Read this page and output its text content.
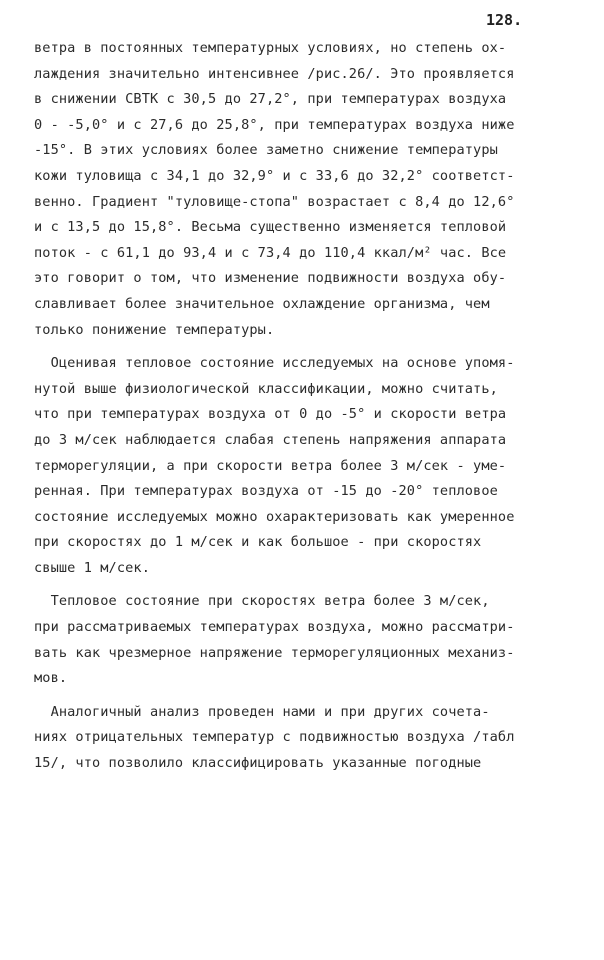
128.
ветра в постоянных температурных условиях, но степень ох-
лаждения значительно интенсивнее /рис.26/. Это проявляется
в снижении СВТК с 30,5 до 27,2°, при температурах воздуха
0 - -5,0° и с 27,6 до 25,8°, при температурах воздуха ниже
-15°. В этих условиях более заметно снижение температуры
кожи туловища с 34,1 до 32,9° и с 33,6 до 32,2° соответст-
венно. Градиент "туловище-стопа" возрастает с 8,4 до 12,6°
и с 13,5 до 15,8°. Весьма существенно изменяется тепловой
поток - с 61,1 до 93,4 и с 73,4 до 110,4 ккал/м² час. Все
это говорит о том, что изменение подвижности воздуха обу-
славливает более значительное охлаждение организма, чем
только понижение температуры.
Оценивая тепловое состояние исследуемых на основе упомя-
нутой выше физиологической классификации, можно считать,
что при температурах воздуха от 0 до -5° и скорости ветра
до 3 м/сек наблюдается слабая степень напряжения аппарата
терморегуляции, а при скорости ветра более 3 м/сек - уме-
ренная. При температурах воздуха от -15 до -20° тепловое
состояние исследуемых можно охарактеризовать как умеренное
при скоростях до 1 м/сек и как большое - при скоростях
свыше 1 м/сек.
Тепловое состояние при скоростях ветра более 3 м/сек,
при рассматриваемых температурах воздуха, можно рассматри-
вать как чрезмерное напряжение терморегуляционных механиз-
мов.
Аналогичный анализ проведен нами и при других сочета-
ниях отрицательных температур с подвижностью воздуха /табл
15/, что позволило классифицировать указанные погодные
